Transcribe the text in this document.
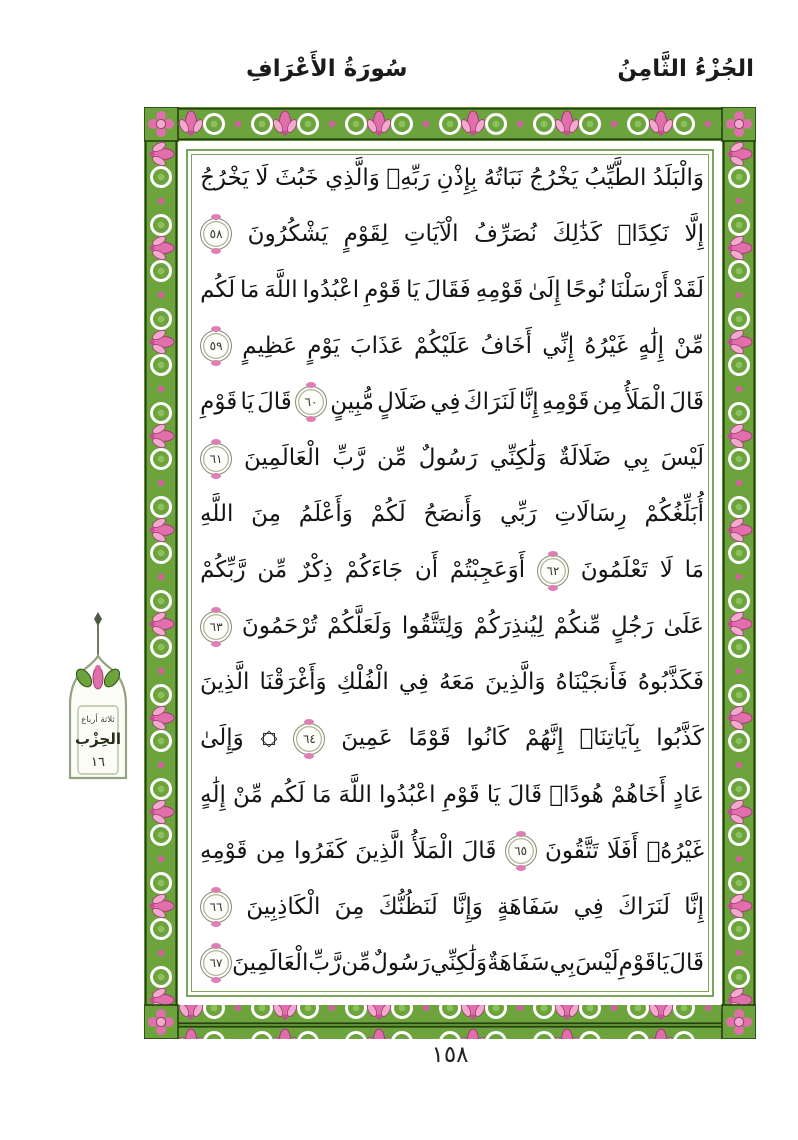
الجُزْءُ الثَّامِنُ
سُورَةُ الأَعْرَافِ
وَالْبَلَدُ
الطَّيِّبُ
يَخْرُجُ
نَبَاتُهُ
بِإِذْنِ
رَبِّهِۖ
وَالَّذِي
خَبُثَ
لَا
يَخْرُجُ
إِلَّا
نَكِدًاۚ
كَذَٰلِكَ
نُصَرِّفُ
الْآيَاتِ
لِقَوْمٍ
يَشْكُرُونَ
٥٨
لَقَدْ
أَرْسَلْنَا
نُوحًا
إِلَىٰ
قَوْمِهِ
فَقَالَ
يَا
قَوْمِ
اعْبُدُوا
اللَّهَ
مَا
لَكُم
مِّنْ
إِلَٰهٍ
غَيْرُهُ
إِنِّي
أَخَافُ
عَلَيْكُمْ
عَذَابَ
يَوْمٍ
عَظِيمٍ
٥٩
قَالَ
الْمَلَأُ
مِن
قَوْمِهِ
إِنَّا
لَنَرَاكَ
فِي
ضَلَالٍ
مُّبِينٍ
٦٠
قَالَ
يَا
قَوْمِ
لَيْسَ
بِي
ضَلَالَةٌ
وَلَٰكِنِّي
رَسُولٌ
مِّن
رَّبِّ
الْعَالَمِينَ
٦١
أُبَلِّغُكُمْ
رِسَالَاتِ
رَبِّي
وَأَنصَحُ
لَكُمْ
وَأَعْلَمُ
مِنَ
اللَّهِ
مَا
لَا
تَعْلَمُونَ
٦٢
أَوَعَجِبْتُمْ
أَن
جَاءَكُمْ
ذِكْرٌ
مِّن
رَّبِّكُمْ
عَلَىٰ
رَجُلٍ
مِّنكُمْ
لِيُنذِرَكُمْ
وَلِتَتَّقُوا
وَلَعَلَّكُمْ
تُرْحَمُونَ
٦٣
فَكَذَّبُوهُ
فَأَنجَيْنَاهُ
وَالَّذِينَ
مَعَهُ
فِي
الْفُلْكِ
وَأَغْرَقْنَا
الَّذِينَ
كَذَّبُوا
بِآيَاتِنَاۚ
إِنَّهُمْ
كَانُوا
قَوْمًا
عَمِينَ
٦٤
وَإِلَىٰ
عَادٍ
أَخَاهُمْ
هُودًاۗ
قَالَ
يَا
قَوْمِ
اعْبُدُوا
اللَّهَ
مَا
لَكُم
مِّنْ
إِلَٰهٍ
غَيْرُهُۚ
أَفَلَا
تَتَّقُونَ
٦٥
قَالَ
الْمَلَأُ
الَّذِينَ
كَفَرُوا
مِن
قَوْمِهِ
إِنَّا
لَنَرَاكَ
فِي
سَفَاهَةٍ
وَإِنَّا
لَنَظُنُّكَ
مِنَ
الْكَاذِبِينَ
٦٦
قَالَ
يَا
قَوْمِ
لَيْسَ
بِي
سَفَاهَةٌ
وَلَٰكِنِّي
رَسُولٌ
مِّن
رَّبِّ
الْعَالَمِينَ
٦٧
ثلاثة أرباع
الحِزْب
١٦
١٥٨
